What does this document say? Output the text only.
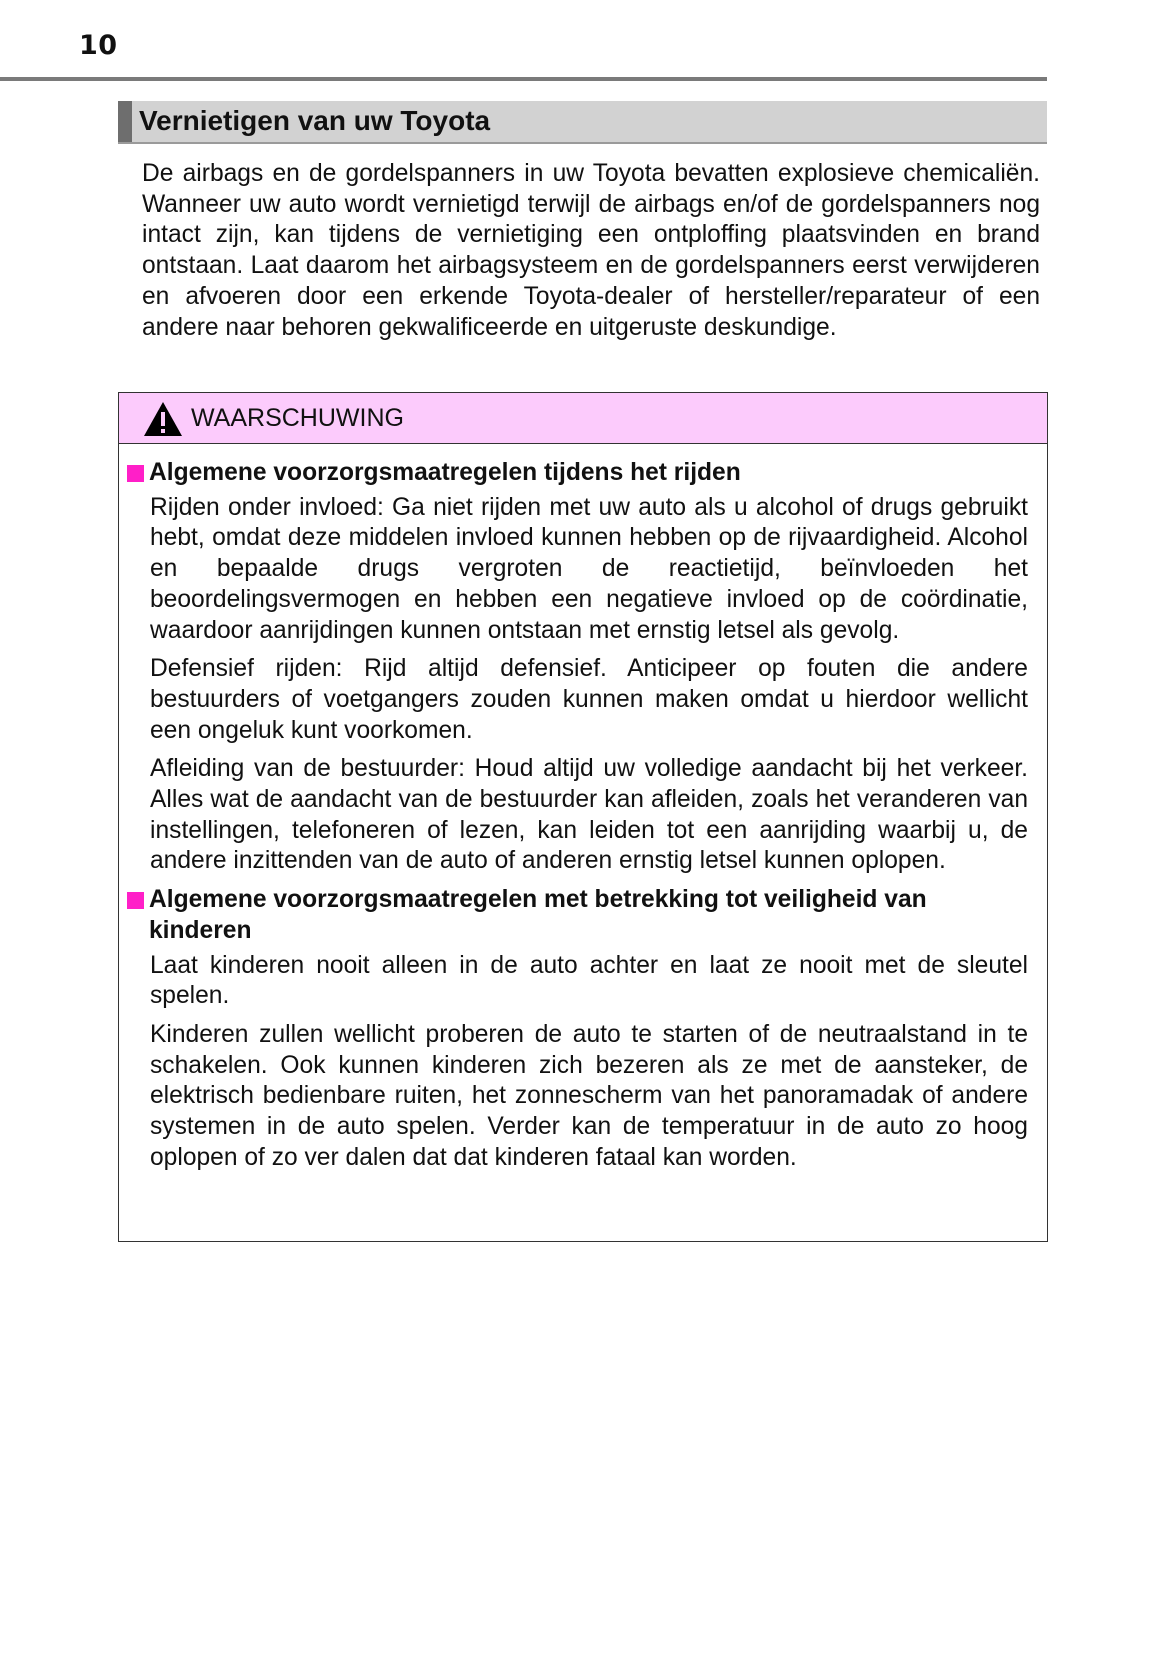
10
Vernietigen van uw Toyota

De airbags en de gordelspanners in uw Toyota bevatten explosieve chemicaliën. Wanneer uw auto wordt vernietigd terwijl de airbags en/of de gordelspanners nog intact zijn, kan tijdens de vernietiging een ontploffing plaatsvinden en brand ontstaan. Laat daarom het airbagsysteem en de gordelspanners eerst verwijderen en afvoeren door een erkende Toyota-dealer of hersteller/reparateur of een andere naar behoren gekwalificeerde en uitgeruste deskundige.

WAARSCHUWING
Algemene voorzorgsmaatregelen tijdens het rijden

Rijden onder invloed: Ga niet rijden met uw auto als u alcohol of drugs gebruikt hebt, omdat deze middelen invloed kunnen hebben op de rijvaardigheid. Alcohol en bepaalde drugs vergroten de reactietijd, beïnvloeden het beoordelingsvermogen en hebben een negatieve invloed op de coördinatie, waardoor aanrijdingen kunnen ontstaan met ernstig letsel als gevolg.

Defensief rijden: Rijd altijd defensief. Anticipeer op fouten die andere bestuurders of voetgangers zouden kunnen maken omdat u hierdoor wellicht een ongeluk kunt voorkomen.

Afleiding van de bestuurder: Houd altijd uw volledige aandacht bij het verkeer. Alles wat de aandacht van de bestuurder kan afleiden, zoals het veranderen van instellingen, telefoneren of lezen, kan leiden tot een aanrijding waarbij u, de andere inzittenden van de auto of anderen ernstig letsel kunnen oplopen.

Algemene voorzorgsmaatregelen met betrekking tot veiligheid van kinderen

Laat kinderen nooit alleen in de auto achter en laat ze nooit met de sleutel spelen.

Kinderen zullen wellicht proberen de auto te starten of de neutraalstand in te schakelen. Ook kunnen kinderen zich bezeren als ze met de aansteker, de elektrisch bedienbare ruiten, het zonnescherm van het panoramadak of andere systemen in de auto spelen. Verder kan de temperatuur in de auto zo hoog oplopen of zo ver dalen dat dat kinderen fataal kan worden.
